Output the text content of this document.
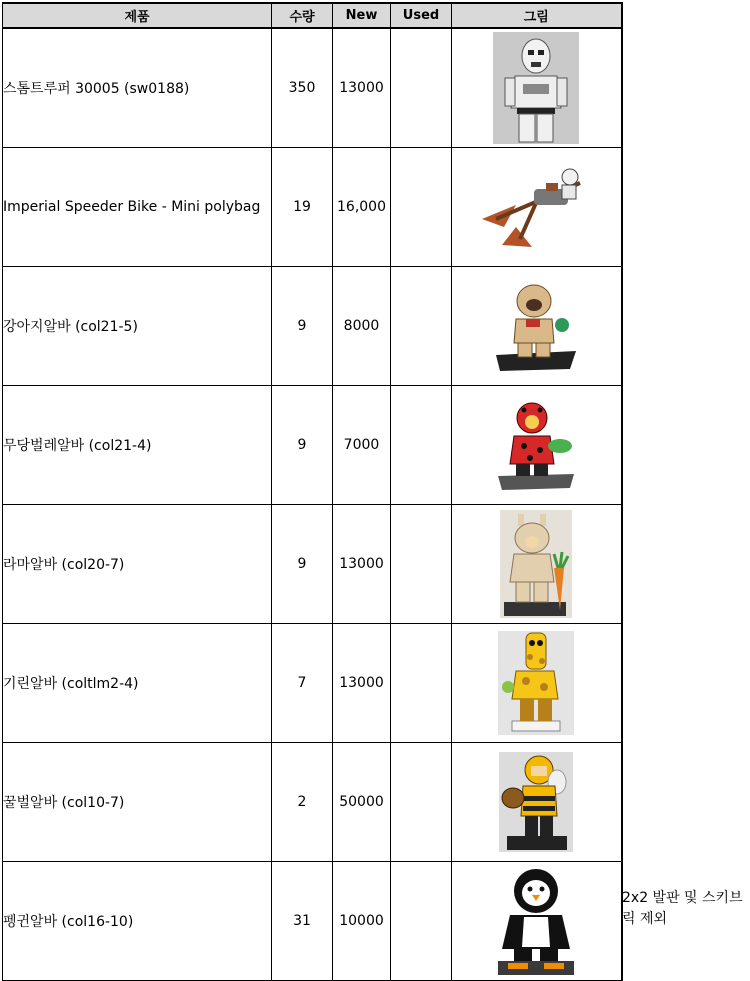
제품	수량	New	Used	그림
스톰트루퍼 30005 (sw0188)	350	13000		
Imperial Speeder Bike - Mini polybag	19	16,000		
강아지알바 (col21-5)	9	8000		
무당벌레알바 (col21-4)	9	7000		
라마알바 (col20-7)	9	13000		
기린알바 (coltlm2-4)	7	13000		
꿀벌알바 (col10-7)	2	50000		
펭귄알바 (col16-10)	31	10000		
2x2 발판 및 스키브릭 제외
